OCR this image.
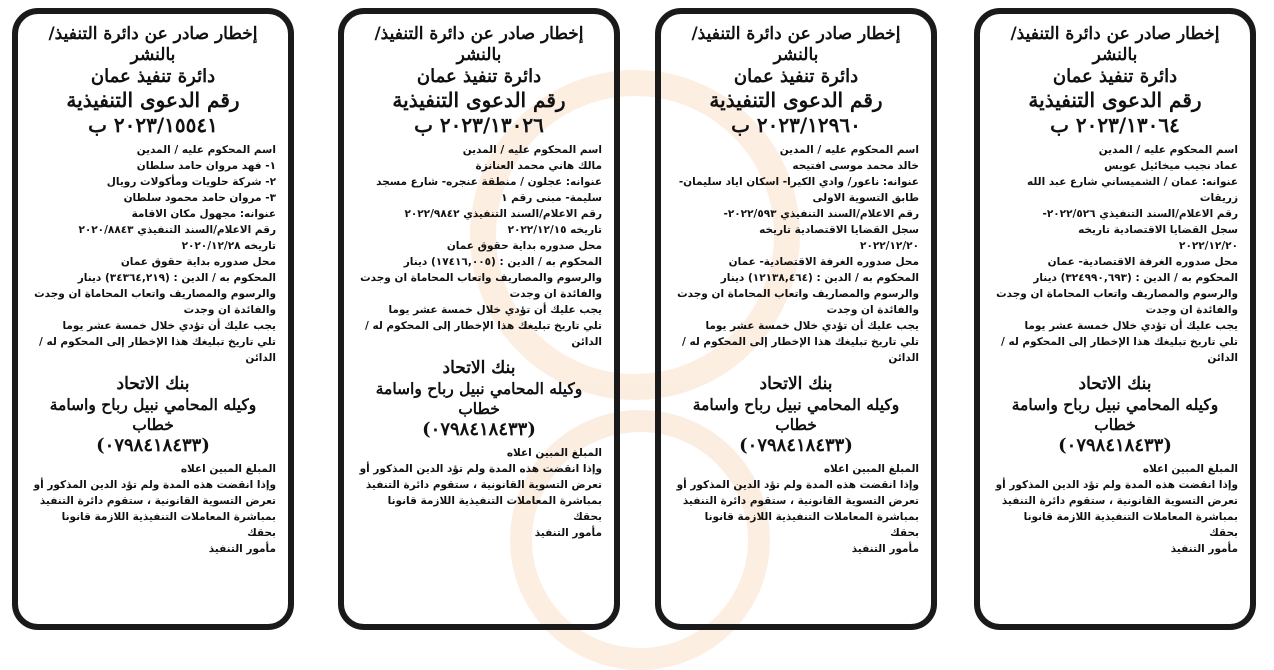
إخطار صادر عن دائرة التنفيذ/ بالنشر

دائرة تنفيذ عمان

رقم الدعوى التنفيذية

٢٠٢٣/١٥٥٤١ ب

اسم المحكوم عليه / المدين

١- فهد مروان حامد سلطان

٢- شركة حلويات ومأكولات رويال

٣- مروان حامد محمود سلطان

عنوانه: مجهول مكان الاقامة

رقم الاعلام/السند التنفيذي ٢٠٢٠/٨٨٤٣

تاريخه ٢٠٢٠/١٢/٢٨

محل صدوره بداية حقوق عمان

المحكوم به / الدين : (٣٤٣٦٤,٢١٩) دينار

والرسوم والمصاريف واتعاب المحاماة ان وجدت

والفائدة ان وجدت

يجب عليك أن تؤدي خلال خمسة عشر يوما

تلي تاريخ تبليغك هذا الإخطار إلى المحكوم له /

الدائن

بنك الاتحاد

وكيله المحامي نبيل رباح واسامة خطاب

(٠٧٩٨٤١٨٤٣٣)

المبلغ المبين اعلاه

وإذا انقضت هذه المدة ولم تؤد الدين المذكور أو

تعرض التسوية القانونية ، ستقوم دائرة التنفيذ

بمباشرة المعاملات التنفيذية اللازمة قانونا بحقك

مأمور التنفيذ

إخطار صادر عن دائرة التنفيذ/ بالنشر

دائرة تنفيذ عمان

رقم الدعوى التنفيذية

٢٠٢٣/١٣٠٢٦ ب

اسم المحكوم عليه / المدين

مالك هاني محمد العنانزة

عنوانه: عجلون / منطقة عنجره- شارع مسجد

سليمة- مبنى رقم ١

رقم الاعلام/السند التنفيذي ٢٠٢٢/٩٨٤٢

تاريخه ٢٠٢٢/١٢/١٥

محل صدوره بداية حقوق عمان

المحكوم به / الدين : (١٧٤١٦,٠٠٥) دينار

والرسوم والمصاريف واتعاب المحاماة ان وجدت

والفائدة ان وجدت

يجب عليك أن تؤدي خلال خمسة عشر يوما

تلي تاريخ تبليغك هذا الإخطار إلى المحكوم له /

الدائن

بنك الاتحاد

وكيله المحامي نبيل رباح واسامة خطاب

(٠٧٩٨٤١٨٤٣٣)

المبلغ المبين اعلاه

وإذا انقضت هذه المدة ولم تؤد الدين المذكور أو

تعرض التسوية القانونية ، ستقوم دائرة التنفيذ

بمباشرة المعاملات التنفيذية اللازمة قانونا بحقك

مأمور التنفيذ

إخطار صادر عن دائرة التنفيذ/ بالنشر

دائرة تنفيذ عمان

رقم الدعوى التنفيذية

٢٠٢٣/١٢٩٦٠ ب

اسم المحكوم عليه / المدين

خالد محمد موسى افتيحه

عنوانه: ناعور/ وادي الكيرا- اسكان اياد سليمان-

طابق التسوية الاولى

رقم الاعلام/السند التنفيذي ٢٠٢٢/٥٩٣-

سجل القضايا الاقتصادية تاريخه

٢٠٢٢/١٢/٢٠

محل صدوره الغرفة الاقتصادية- عمان

المحكوم به / الدين : (١٢١٣٨,٤٦٤) دينار

والرسوم والمصاريف واتعاب المحاماة ان وجدت

والفائدة ان وجدت

يجب عليك أن تؤدي خلال خمسة عشر يوما

تلي تاريخ تبليغك هذا الإخطار إلى المحكوم له /

الدائن

بنك الاتحاد

وكيله المحامي نبيل رباح واسامة خطاب

(٠٧٩٨٤١٨٤٣٣)

المبلغ المبين اعلاه

وإذا انقضت هذه المدة ولم تؤد الدين المذكور أو

تعرض التسوية القانونية ، ستقوم دائرة التنفيذ

بمباشرة المعاملات التنفيذية اللازمة قانونا بحقك

مأمور التنفيذ

إخطار صادر عن دائرة التنفيذ/ بالنشر

دائرة تنفيذ عمان

رقم الدعوى التنفيذية

٢٠٢٣/١٣٠٦٤ ب

اسم المحكوم عليه / المدين

عماد نجيب ميخائيل عويس

عنوانه: عمان / الشميساني شارع عبد الله زريقات

رقم الاعلام/السند التنفيذي ٢٠٢٢/٥٢٦-

سجل القضايا الاقتصادية تاريخه

٢٠٢٢/١٢/٢٠

محل صدوره الغرفة الاقتصادية- عمان

المحكوم به / الدين : (٣٢٤٩٩٠,٦٩٣) دينار

والرسوم والمصاريف واتعاب المحاماة ان وجدت

والفائدة ان وجدت

يجب عليك أن تؤدي خلال خمسة عشر يوما

تلي تاريخ تبليغك هذا الإخطار إلى المحكوم له /

الدائن

بنك الاتحاد

وكيله المحامي نبيل رباح واسامة خطاب

(٠٧٩٨٤١٨٤٣٣)

المبلغ المبين اعلاه

وإذا انقضت هذه المدة ولم تؤد الدين المذكور أو

تعرض التسوية القانونية ، ستقوم دائرة التنفيذ

بمباشرة المعاملات التنفيذية اللازمة قانونا بحقك

مأمور التنفيذ
